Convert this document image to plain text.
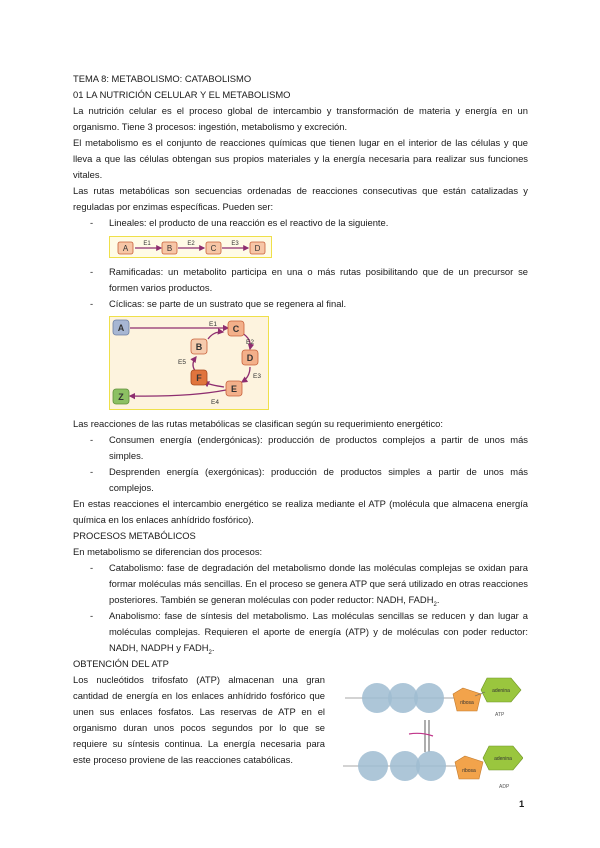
TEMA 8: METABOLISMO: CATABOLISMO

01 LA NUTRICIÓN CELULAR Y EL METABOLISMO

La nutrición celular es el proceso global de intercambio y transformación de materia y energía en un organismo. Tiene 3 procesos: ingestión, metabolismo y excreción.

El metabolismo es el conjunto de reacciones químicas que tienen lugar en el interior de las células y que lleva a que las células obtengan sus propios materiales y la energía necesaria para realizar sus funciones vitales.

Las rutas metabólicas son secuencias ordenadas de reacciones consecutivas que están catalizadas y reguladas por enzimas específicas. Pueden ser:

-	Lineales: el producto de una reacción es el reactivo de la siguiente.
A	B	C	D
E1	E2	E3
-	Ramificadas: un metabolito participa en una o más rutas posibilitando que de un precursor se formen varios productos.
-	Cíclicas: se parte de un sustrato que se regenera al final.
A	C
D
E
F
B
Z
E1
E2
E3
E4
E5

Las reacciones de las rutas metabólicas se clasifican según su requerimiento energético:

-	Consumen energía (endergónicas): producción de productos complejos a partir de unos más simples.
-	Desprenden energía (exergónicas): producción de productos simples a partir de unos más complejos.

En estas reacciones el intercambio energético se realiza mediante el ATP (molécula que almacena energía química en los enlaces anhídrido fosfórico).

PROCESOS METABÓLICOS

En metabolismo se diferencian dos procesos:

-	Catabolismo: fase de degradación del metabolismo donde las moléculas complejas se oxidan para formar moléculas más sencillas. En el proceso se genera ATP que será utilizado en otras reacciones posteriores. También se generan moléculas con poder reductor: NADH, $FADH_2$.
-	Anabolismo: fase de síntesis del metabolismo. Las moléculas sencillas se reducen y dan lugar a moléculas complejas. Requieren el aporte de energía (ATP) y de moléculas con poder reductor: NADH, NADPH y $FADH_2$.

OBTENCIÓN DEL ATP

Los nucleótidos trifosfato (ATP) almacenan una gran cantidad de energía en los enlaces anhídrido fosfórico que unen sus enlaces fosfatos. Las reservas de ATP en el organismo duran unos pocos segundos por lo que se requiere su síntesis continua. La energía necesaria para este proceso proviene de las reacciones catabólicas.

adenina
ribosa
ATP
adenina
ribosa
ADP
1
